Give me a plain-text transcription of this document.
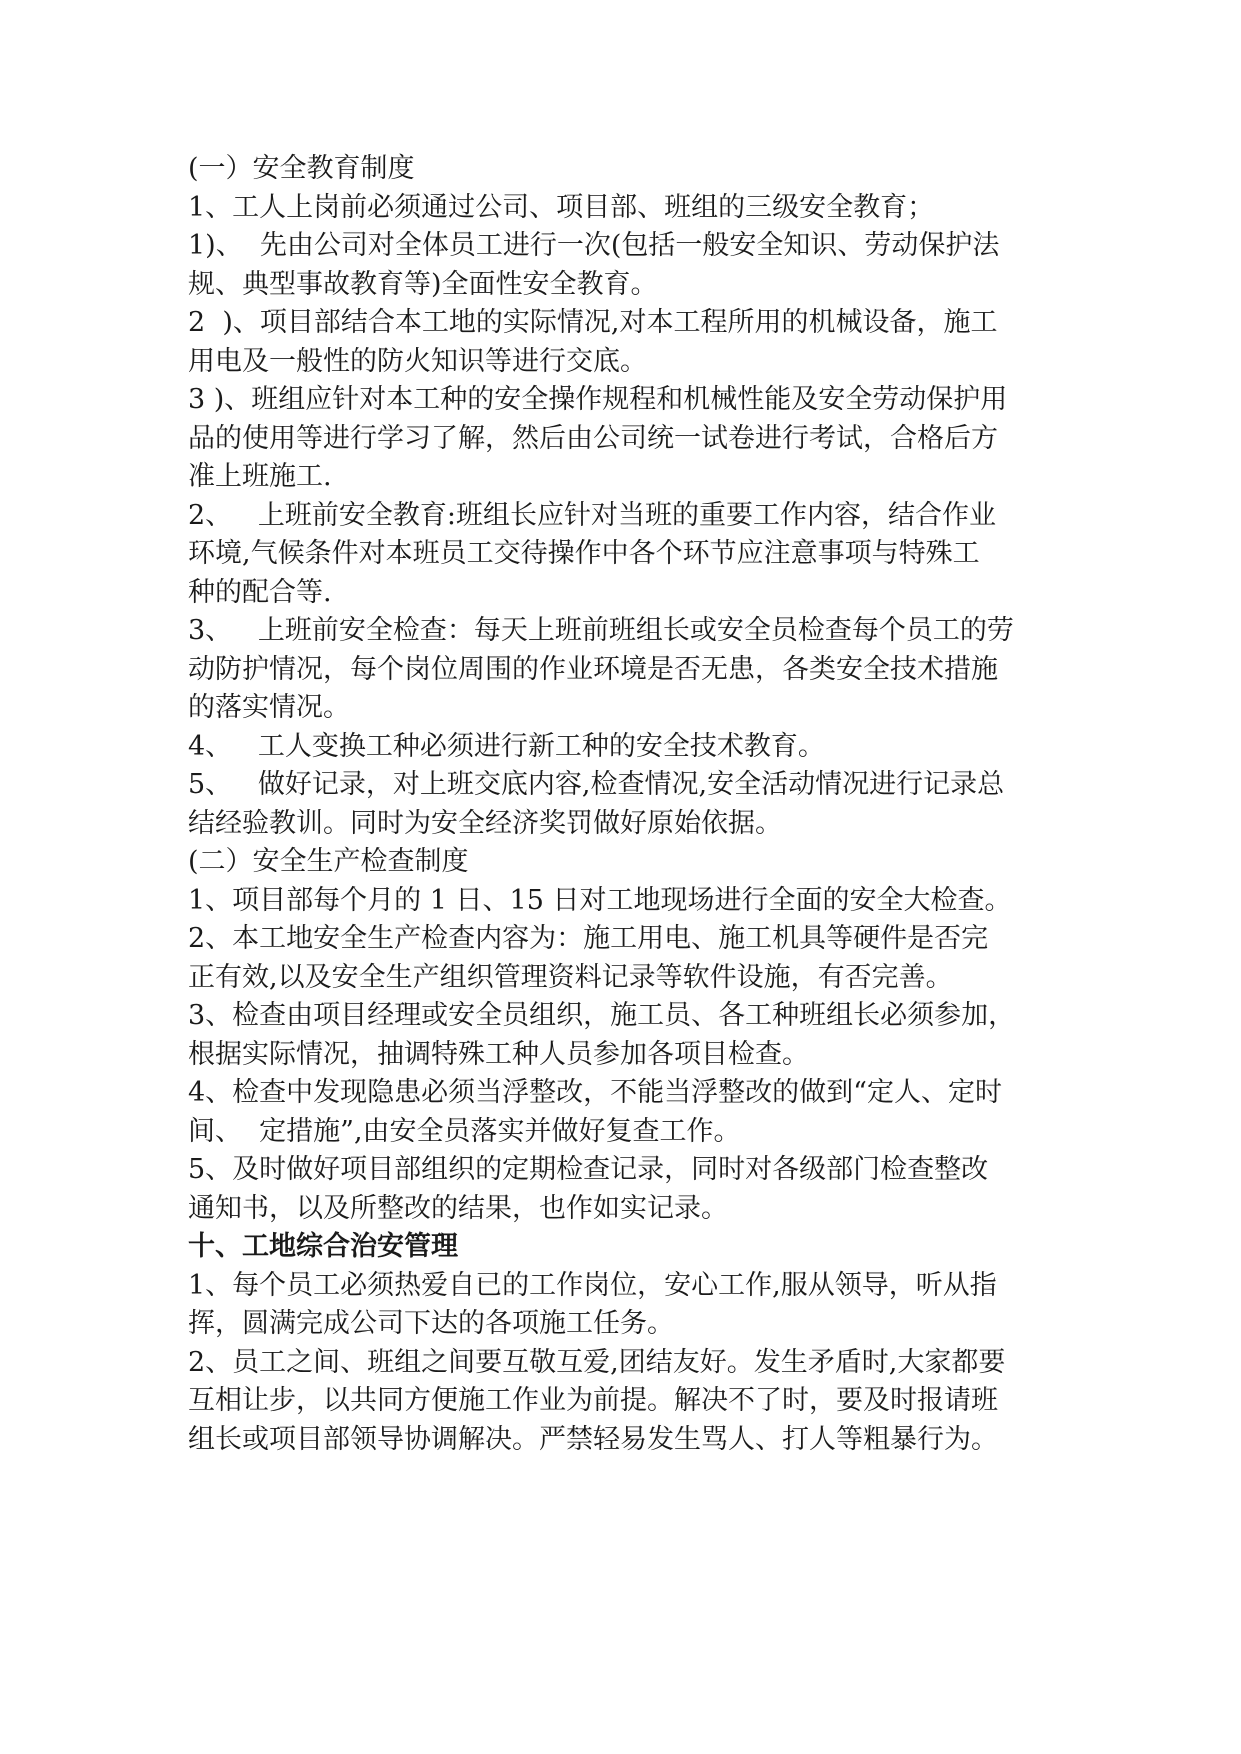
(一）安全教育制度
1、工人上岗前必须通过公司、项目部、班组的三级安全教育；
1)、  先由公司对全体员工进行一次(包括一般安全知识、劳动保护法
规、典型事故教育等)全面性安全教育。
2  )、项目部结合本工地的实际情况,对本工程所用的机械设备，施工
用电及一般性的防火知识等进行交底。
3 )、班组应针对本工种的安全操作规程和机械性能及安全劳动保护用
品的使用等进行学习了解，然后由公司统一试卷进行考试，合格后方
准上班施工.
2、   上班前安全教育:班组长应针对当班的重要工作内容，结合作业
环境,气候条件对本班员工交待操作中各个环节应注意事项与特殊工
种的配合等.
3、   上班前安全检查：每天上班前班组长或安全员检查每个员工的劳
动防护情况，每个岗位周围的作业环境是否无患，各类安全技术措施
的落实情况。
4、   工人变换工种必须进行新工种的安全技术教育。
5、   做好记录，对上班交底内容,检查情况,安全活动情况进行记录总
结经验教训。同时为安全经济奖罚做好原始依据。
(二）安全生产检查制度
1、项目部每个月的 1 日、15 日对工地现场进行全面的安全大检查。
2、本工地安全生产检查内容为：施工用电、施工机具等硬件是否完
正有效,以及安全生产组织管理资料记录等软件设施，有否完善。
3、检查由项目经理或安全员组织，施工员、各工种班组长必须参加，
根据实际情况，抽调特殊工种人员参加各项目检查。
4、检查中发现隐患必须当浮整改，不能当浮整改的做到“定人、定时
间、  定措施”,由安全员落实并做好复查工作。
5、及时做好项目部组织的定期检查记录，同时对各级部门检查整改
通知书，以及所整改的结果，也作如实记录。
十、工地综合治安管理
1、每个员工必须热爱自已的工作岗位，安心工作,服从领导，听从指
挥，圆满完成公司下达的各项施工任务。
2、员工之间、班组之间要互敬互爱,团结友好。发生矛盾时,大家都要
互相让步，以共同方便施工作业为前提。解决不了时，要及时报请班
组长或项目部领导协调解决。严禁轻易发生骂人、打人等粗暴行为。
